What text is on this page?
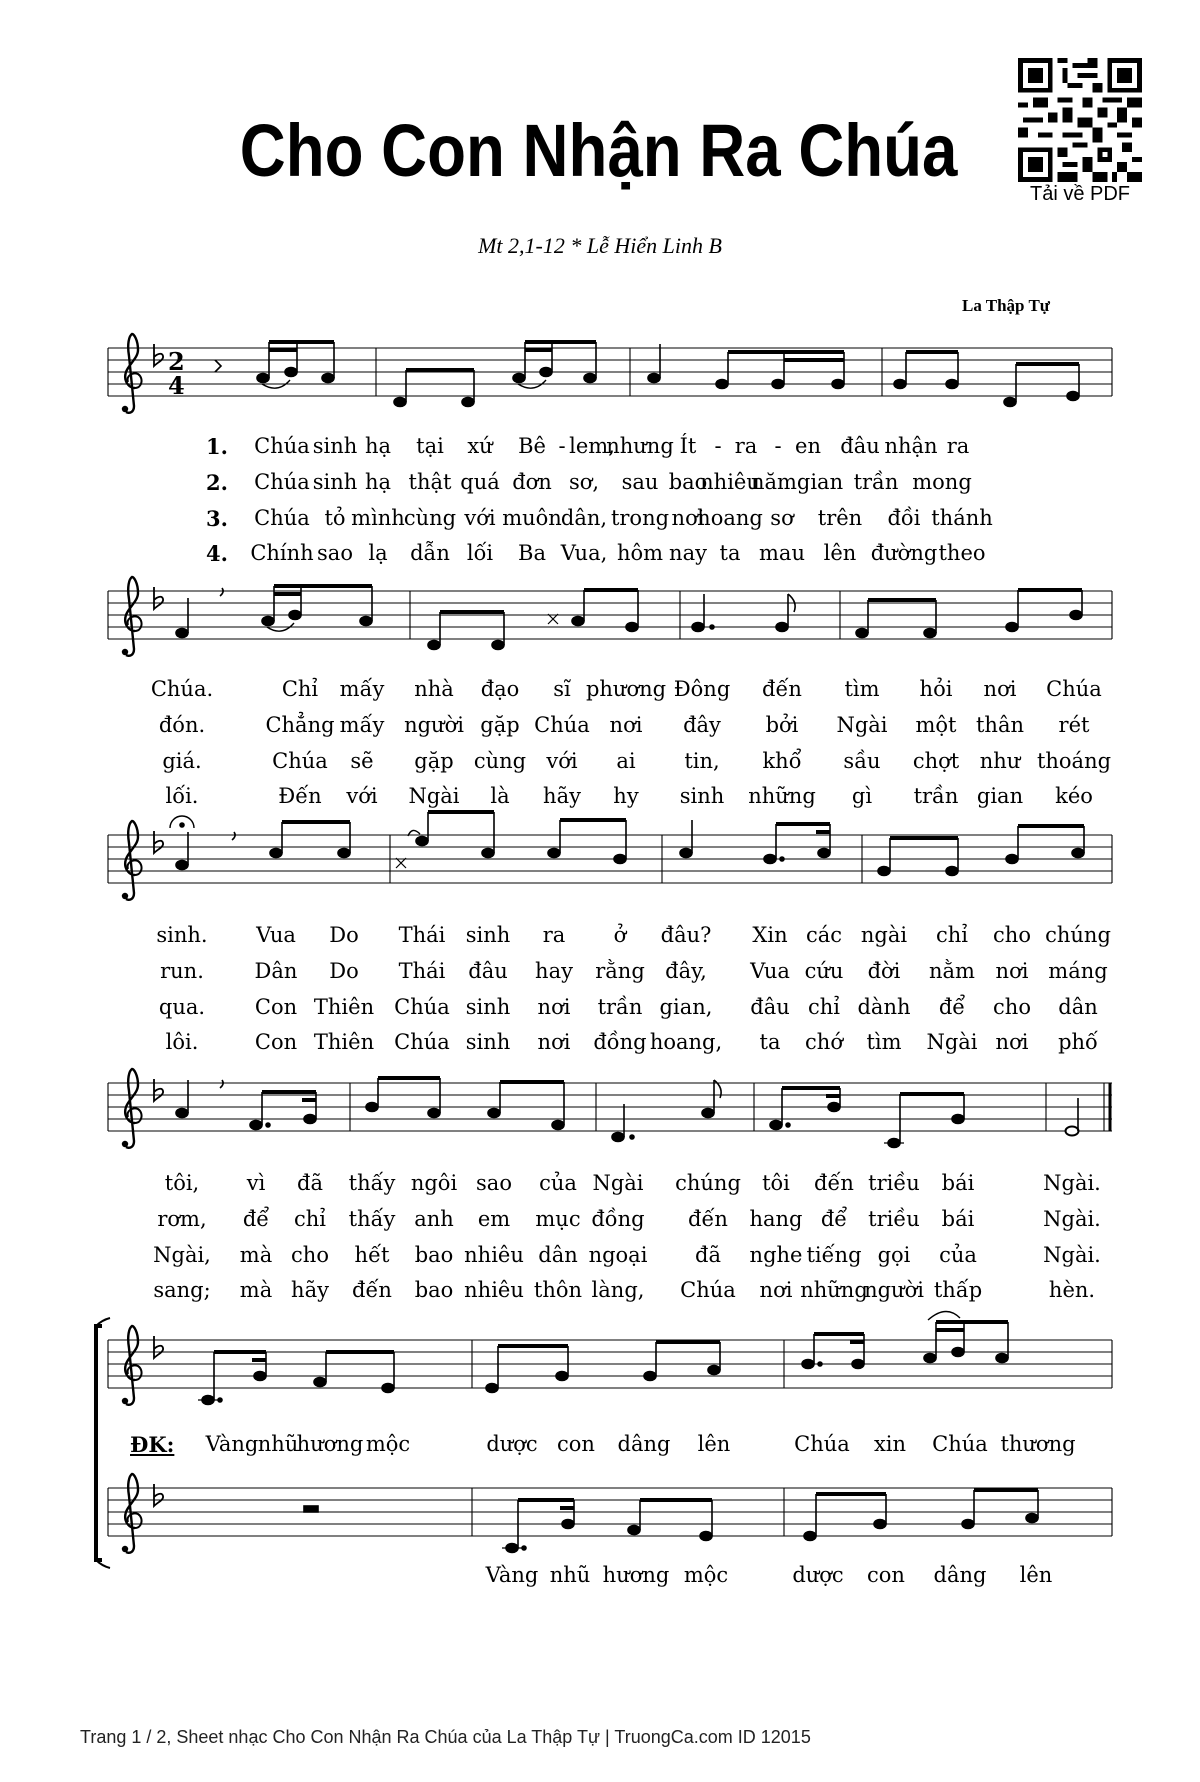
Cho Con Nhận Ra Chúa
Mt 2,1-12 * Lễ Hiển Linh B
La Thập Tự
Tải về PDF
2
4
1.
2.
3.
4.
ĐK:
Chúa sinh hạ tại xứ Bê - lem,
nhưng Ít - ra - en đâu nhận ra
Chúa sinh hạ thật quá đơn sơ, sau bao
nhiêu
năm gian trần mong
Chúa tỏ mình cùng với muôn dân, trong nơi
hoang sơ trên đồi thánh
Chính sao lạ dẫn lối Ba Vua, hôm nay ta mau lên đường theo
Chúa.	Chỉ mấy nhà đạo sĩ phương Đông đến tìm hỏi nơi Chúa
đón.	Chẳng mấy người gặp Chúa nơi đây bởi Ngài một thân rét
giá.	Chúa sẽ gặp cùng với ai tin, khổ sầu chợt như thoáng
lối.	Đến với Ngài là hãy hy sinh những gì trần gian kéo
sinh. Vua Do Thái sinh ra ở đâu? Xin các ngài chỉ cho chúng
run. Dân Do Thái đâu hay rằng đây, Vua cứu đời nằm nơi máng
qua. Con Thiên Chúa sinh nơi trần gian, đâu chỉ dành để cho dân
lôi.	Con Thiên Chúa sinh nơi đồng hoang, ta chớ tìm Ngài nơi phố
tôi, vì đã thấy ngôi sao của Ngài chúng tôi đến triều bái	Ngài.
rơm, để chỉ thấy anh em mục đồng đến hang để triều bái	Ngài.
Ngài, mà cho hết bao nhiêu dân ngoại đã nghe tiếng gọi của	Ngài.
sang; mà hãy đến bao nhiêu thôn làng, Chúa nơi những
người thấp	hèn.
Vàng nhũ
hương mộc	dược con dâng lên	Chúa xin Chúa thương
Vàng nhũ hương mộc	dược con dâng lên
Trang 1 / 2, Sheet nhạc Cho Con Nhận Ra Chúa của La Thập Tự | TruongCa.com ID 12015
